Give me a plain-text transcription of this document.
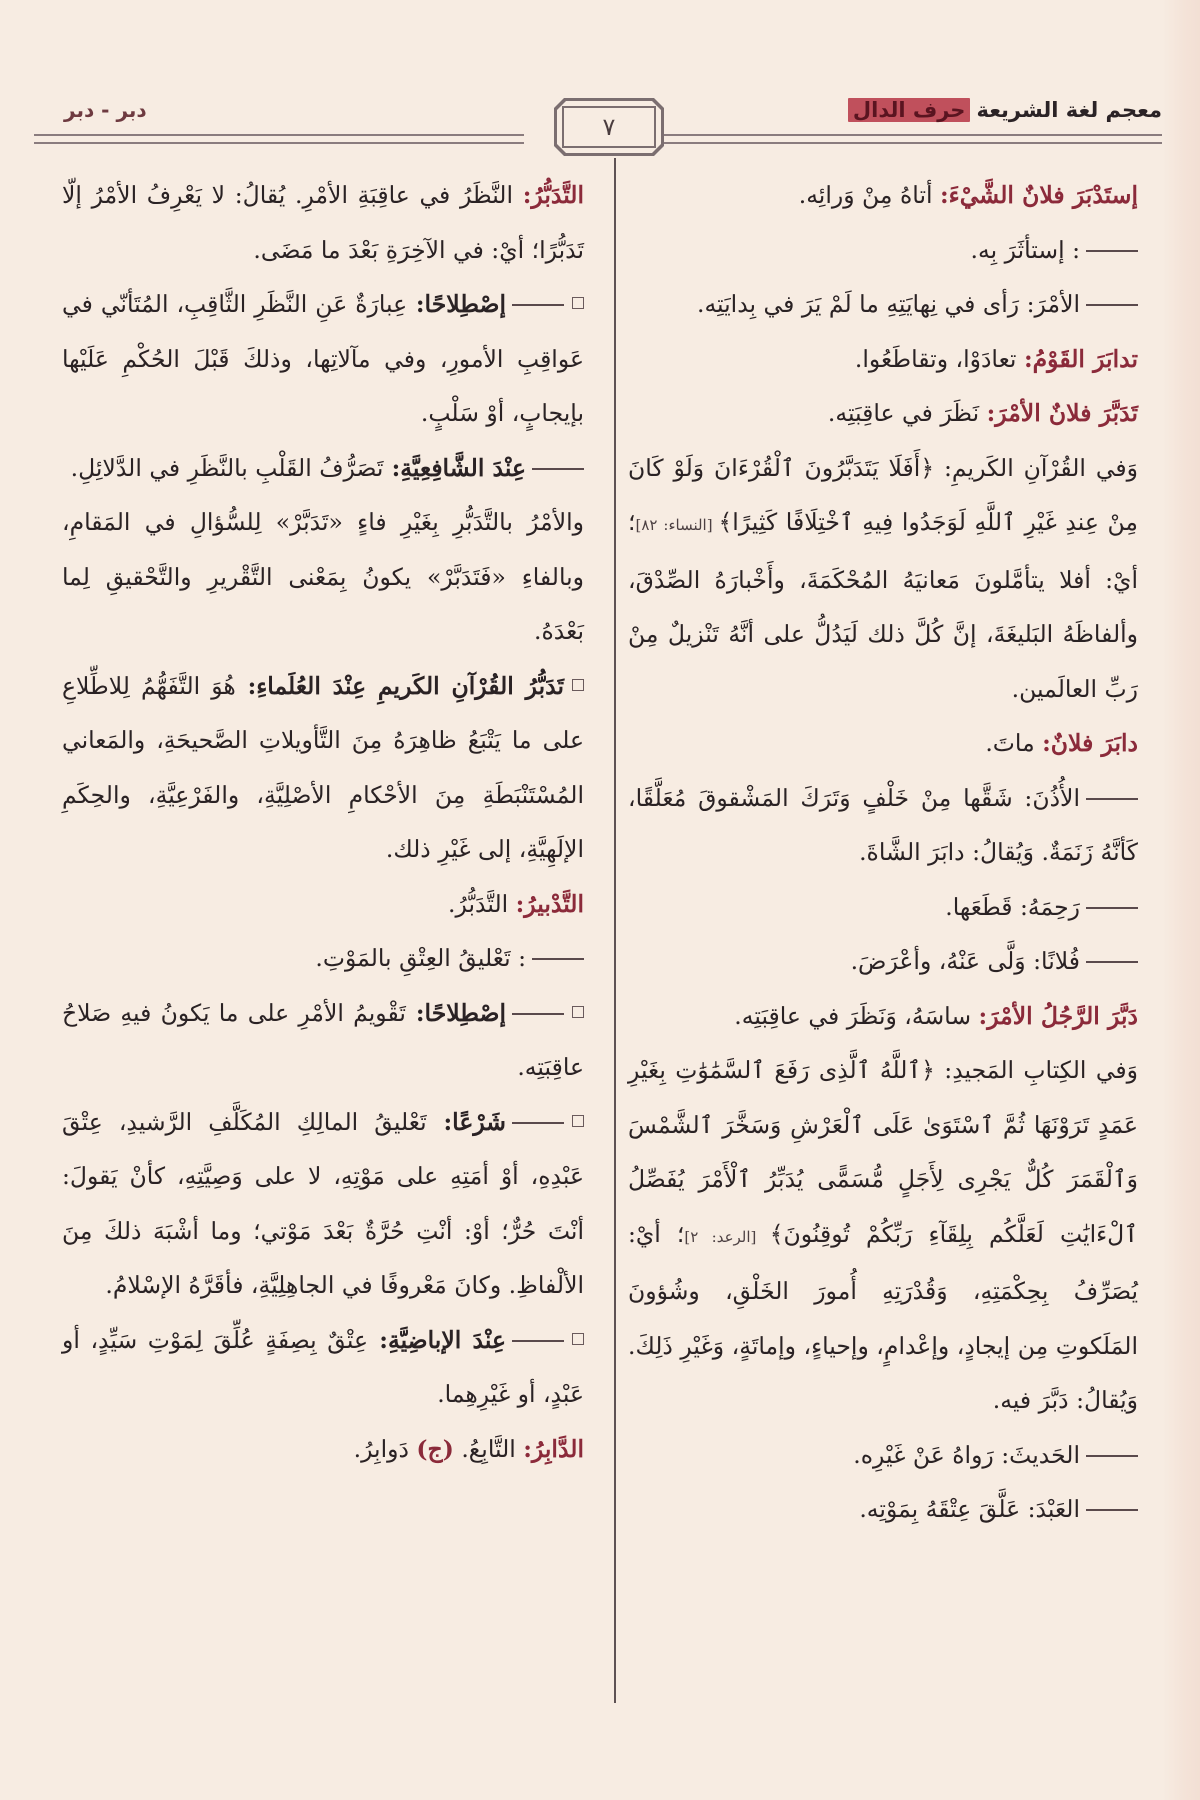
معجم لغة الشريعةحرف الدال
٧
دبر - دبر

إستَدْبَرَ فلانٌ الشَّيْءَ: أتاهُ مِنْ وَرائِه.

: إستأثَرَ بِه.

الأمْرَ: رَأى في نِهايَتِهِ ما لَمْ يَرَ في بِدايَتِه.

تدابَرَ القَوْمُ: تعادَوْا، وتقاطَعُوا.

تَدَبَّرَ فلانٌ الأمْرَ: نَظَرَ في عاقِبَتِه.

وَفي القُرْآنِ الكَريمِ: ﴿أَفَلَا يَتَدَبَّرُونَ ٱلْقُرْءَانَ وَلَوْ كَانَ مِنْ عِندِ غَيْرِ ٱللَّهِ لَوَجَدُوا فِيهِ ٱخْتِلَافًا كَثِيرًا﴾ [النساء: ٨٢]؛ أيْ: أفلا يتأمَّلونَ مَعانيَهُ المُحْكَمَةَ، وأَخْبارَهُ الصِّدْقَ، وألفاظَهُ البَليغَةَ، إنَّ كُلَّ ذلك لَيَدُلُّ على أنَّهُ تَنْزيلٌ مِنْ رَبِّ العالَمين.

دابَرَ فلانٌ: ماتَ.

الأُذُنَ: شَقَّها مِنْ خَلْفٍ وَتَرَكَ المَشْقوقَ مُعَلَّقًا، كَأنَّهُ زَنَمَةٌ. وَيُقالُ: دابَرَ الشَّاةَ.

رَحِمَهُ: قَطَعَها.

فُلانًا: وَلَّى عَنْهُ، وأعْرَضَ.

دَبَّرَ الرَّجُلُ الأمْرَ: ساسَهُ، وَنَظَرَ في عاقِبَتِه.

وَفي الكِتابِ المَجيدِ: ﴿ٱللَّهُ ٱلَّذِى رَفَعَ ٱلسَّمَٰوَٰتِ بِغَيْرِ عَمَدٍ تَرَوْنَهَا ثُمَّ ٱسْتَوَىٰ عَلَى ٱلْعَرْشِ وَسَخَّرَ ٱلشَّمْسَ وَٱلْقَمَرَ كُلٌّ يَجْرِى لِأَجَلٍ مُّسَمًّى يُدَبِّرُ ٱلْأَمْرَ يُفَصِّلُ ٱلْءَايَٰتِ لَعَلَّكُم بِلِقَآءِ رَبِّكُمْ تُوقِنُونَ﴾ [الرعد: ٢]؛ أيْ: يُصَرِّفُ بِحِكْمَتِهِ، وَقُدْرَتِهِ أُمورَ الخَلْقِ، وشُؤونَ المَلَكوتِ مِن إيجادٍ، وإعْدامٍ، وإحياءٍ، وإماتَةٍ، وَغَيْرِ ذَلِكَ. وَيُقالُ: دَبَّرَ فيه.

الحَديثَ: رَواهُ عَنْ غَيْرِه.

العَبْدَ: عَلَّقَ عِتْقَهُ بِمَوْتِه.

التَّدَبُّرُ: النَّظَرُ في عاقِبَةِ الأمْرِ. يُقالُ: لا يَعْرِفُ الأمْرُ إلّا تَدَبُّرًا؛ أيْ: في الآخِرَةِ بَعْدَ ما مَضَى.

إصْطِلاحًا: عِبارَةٌ عَنِ النَّظَرِ الثَّاقِبِ، المُتَأنّي في عَواقِبِ الأمورِ، وفي مآلاتِها، وذلكَ قَبْلَ الحُكْمِ عَلَيْها بإيجابٍ، أوْ سَلْبٍ.

عِنْدَ الشَّافِعِيَّةِ: تَصَرُّفُ القَلْبِ بالنَّظَرِ في الدَّلائِلِ.

والأمْرُ بالتَّدَبُّرِ بِغَيْرِ فاءٍ «تَدَبَّرْ» لِلسُّؤالِ في المَقامِ، وبالفاءِ «فَتَدَبَّرْ» يكونُ بِمَعْنى التَّقْريرِ والتَّحْقيقِ لِما بَعْدَهُ.

تَدَبُّرُ القُرْآنِ الكَريمِ عِنْدَ العُلَماءِ: هُوَ التَّفَهُّمُ لِلاطِّلاعِ على ما يَتْبَعُ ظاهِرَهُ مِنَ التَّأويلاتِ الصَّحيحَةِ، والمَعاني المُسْتَنْبَطَةِ مِنَ الأحْكامِ الأصْلِيَّةِ، والفَرْعِيَّةِ، والحِكَمِ الإلَهِيَّةِ، إلى غَيْرِ ذلك.

التَّدْبيرُ: التَّدَبُّرُ.

: تَعْليقُ العِتْقِ بالمَوْتِ.

إصْطِلاحًا: تَقْويمُ الأمْرِ على ما يَكونُ فيهِ صَلاحُ عاقِبَتِه.

شَرْعًا: تَعْليقُ المالِكِ المُكَلَّفِ الرَّشيدِ، عِتْقَ عَبْدِهِ، أوْ أمَتِهِ على مَوْتِهِ، لا على وَصِيَّتِهِ، كأنْ يَقولَ: أنْتَ حُرٌّ؛ أوْ: أنْتِ حُرَّةٌ بَعْدَ مَوْتي؛ وما أشْبَهَ ذلكَ مِنَ الألْفاظِ. وكانَ مَعْروفًا في الجاهِلِيَّةِ، فأقَرَّهُ الإسْلامُ.

عِنْدَ الإباضِيَّةِ: عِتْقٌ بِصِفَةٍ عُلِّقَ لِمَوْتِ سَيِّدٍ، أو عَبْدٍ، أو غَيْرِهِما.

الدَّابِرُ: التَّابِعُ. (ج) دَوابِرُ.
